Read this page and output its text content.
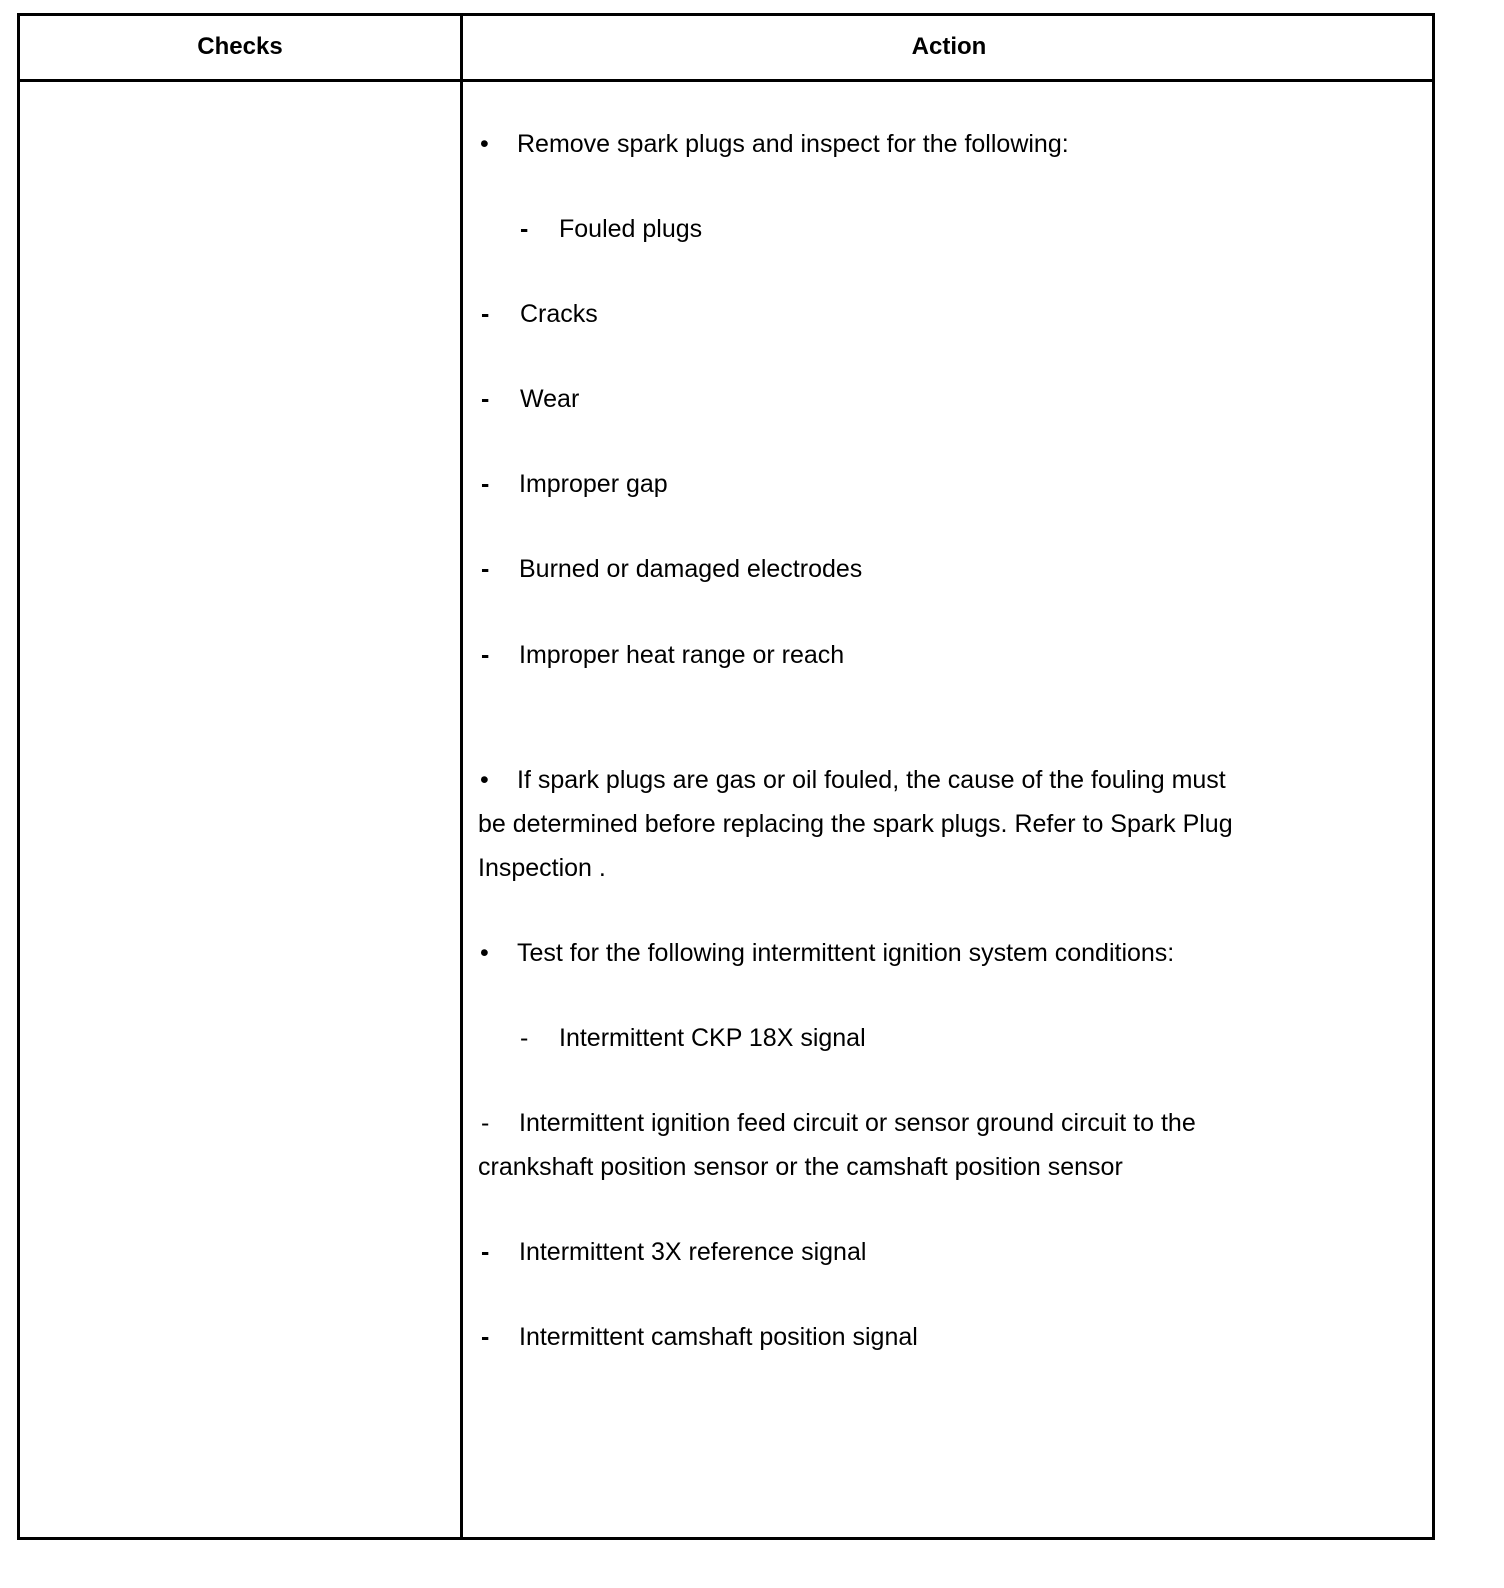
Checks	Action
• Remove spark plugs and inspect for the following:
- Fouled plugs
- Cracks
- Wear
- Improper gap
- Burned or damaged electrodes
- Improper heat range or reach
• If spark plugs are gas or oil fouled, the cause of the fouling must
be determined before replacing the spark plugs. Refer to Spark Plug
Inspection .
• Test for the following intermittent ignition system conditions:
- Intermittent CKP 18X signal
- Intermittent ignition feed circuit or sensor ground circuit to the
crankshaft position sensor or the camshaft position sensor
- Intermittent 3X reference signal
- Intermittent camshaft position signal
